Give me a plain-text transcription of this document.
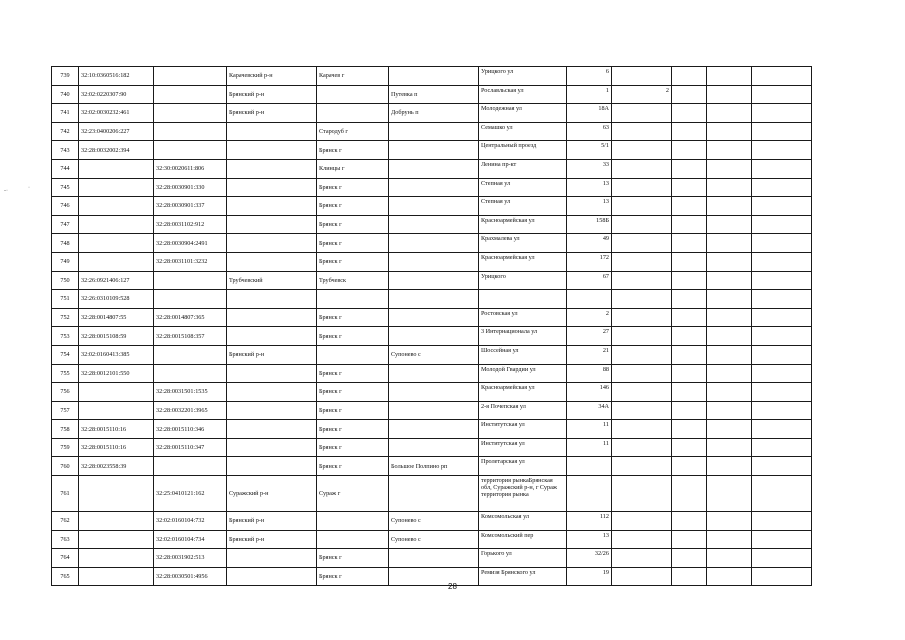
739	32:10:0360516:182		Карачевский р-н	Карачев г		Урицкого ул	6				
740	32:02:0220307:90		Брянский р-н		Путевка п	Рославльская ул	1	2			
741	32:02:0030232:461		Брянский р-н		Добрунь п	Молодежная ул	18А				
742	32:23:0400206:227			Стародуб г		Семашко ул	63				
743	32:28:0032002:394			Брянск г		Центральный проезд	5/1				
744		32:30:0020611:806		Клинцы г		Ленина пр-кт	33				
745		32:28:0030901:330		Брянск г		Степная ул	13				
746		32:28:0030901:337		Брянск г		Степная ул	13				
747		32:28:0031102:912		Брянск г		Красноармейская ул	158Б				
748		32:28:0030904:2491		Брянск г		Крахмалева ул	49				
749		32:28:0031101:3232		Брянск г		Красноармейская ул	172				
750	32:26:0921406:127		Трубчевский	Трубчевск		Урицкого	67				
751	32:26:0310109:528										
752	32:28:0014807:55	32:28:0014807:365		Брянск г		Ростовская ул	2				
753	32:28:0015108:59	32:28:0015108:357		Брянск г		3 Интернационала ул	27				
754	32:02:0160413:385		Брянский р-н		Супонево с	Шоссейная ул	21				
755	32:28:0012101:550			Брянск г		Молодой Гвардии ул	88				
756		32:28:0031501:1535		Брянск г		Красноармейская ул	146				
757		32:28:0032201:3965		Брянск г		2-я Почепская ул	34А				
758	32:28:0015110:16	32:28:0015110:346		Брянск г		Институтская ул	11				
759	32:28:0015110:16	32:28:0015110:347		Брянск г		Институтская ул	11				
760	32:28:0023558:39			Брянск г	Большое Полпино рп	Пролетарская ул					
761		32:25:0410121:162	Суражский р-н	Сураж г		территория рынкаБрянская обл, Суражский р-н, г Сураж территория рынка					
762		32:02:0160104:732	Брянский р-н		Супонево с	Комсомольская ул	112				
763		32:02:0160104:734	Брянский р-н		Супонево с	Комсомольский пер	13				
764		32:28:0031902:513		Брянск г		Горького ул	32/26				
765		32:28:0030501:4956		Брянск г		Ремизя Брянского ул	19				
28
-·	·
